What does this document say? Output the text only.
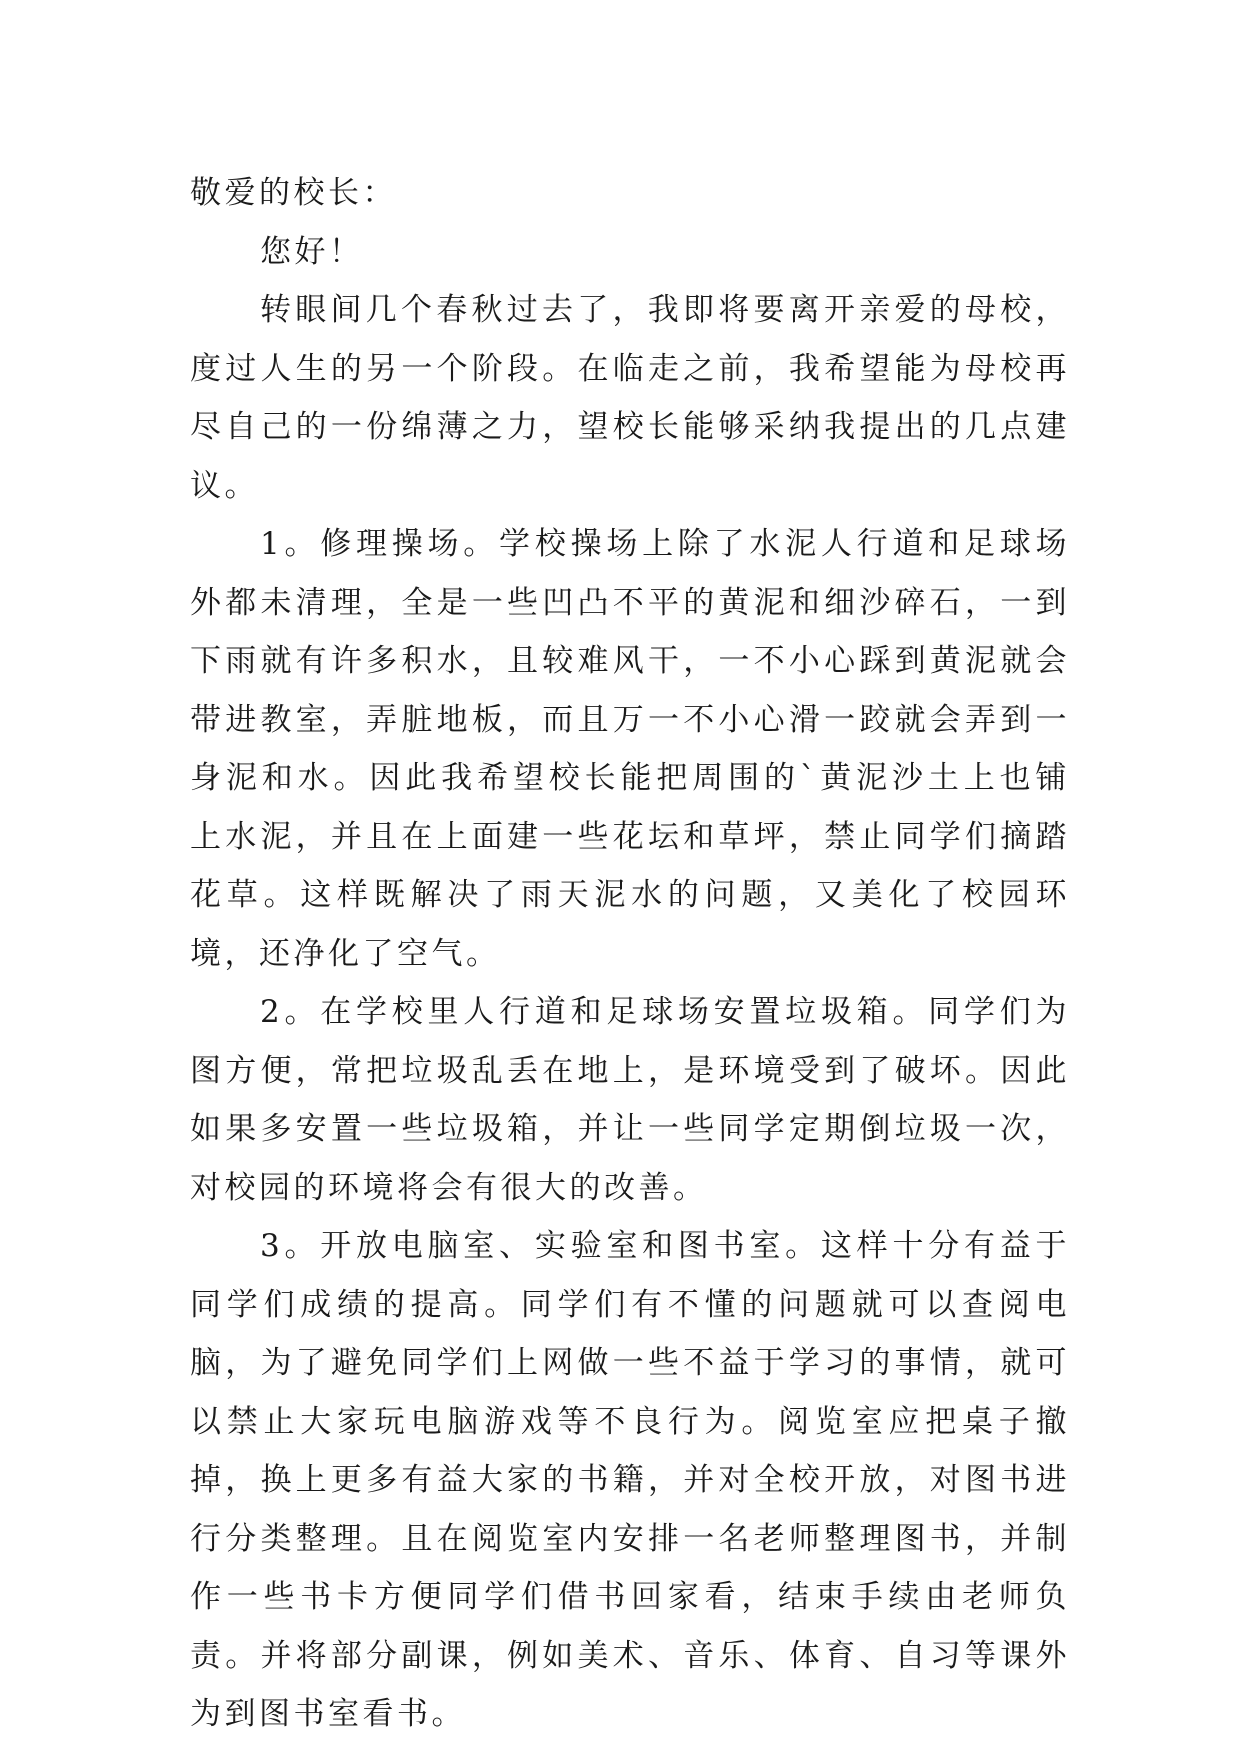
敬爱的校长：

您好！

转眼间几个春秋过去了，我即将要离开亲爱的母校，度过人生的另一个阶段。在临走之前，我希望能为母校再尽自己的一份绵薄之力，望校长能够采纳我提出的几点建议。

1。修理操场。学校操场上除了水泥人行道和足球场外都未清理，全是一些凹凸不平的黄泥和细沙碎石，一到下雨就有许多积水，且较难风干，一不小心踩到黄泥就会带进教室，弄脏地板，而且万一不小心滑一跤就会弄到一身泥和水。因此我希望校长能把周围的`黄泥沙土上也铺上水泥，并且在上面建一些花坛和草坪，禁止同学们摘踏花草。这样既解决了雨天泥水的问题，又美化了校园环境，还净化了空气。

2。在学校里人行道和足球场安置垃圾箱。同学们为图方便，常把垃圾乱丢在地上，是环境受到了破坏。因此如果多安置一些垃圾箱，并让一些同学定期倒垃圾一次，对校园的环境将会有很大的改善。

3。开放电脑室、实验室和图书室。这样十分有益于同学们成绩的提高。同学们有不懂的问题就可以查阅电脑，为了避免同学们上网做一些不益于学习的事情，就可以禁止大家玩电脑游戏等不良行为。阅览室应把桌子撤掉，换上更多有益大家的书籍，并对全校开放，对图书进行分类整理。且在阅览室内安排一名老师整理图书，并制作一些书卡方便同学们借书回家看，结束手续由老师负责。并将部分副课，例如美术、音乐、体育、自习等课外为到图书室看书。
